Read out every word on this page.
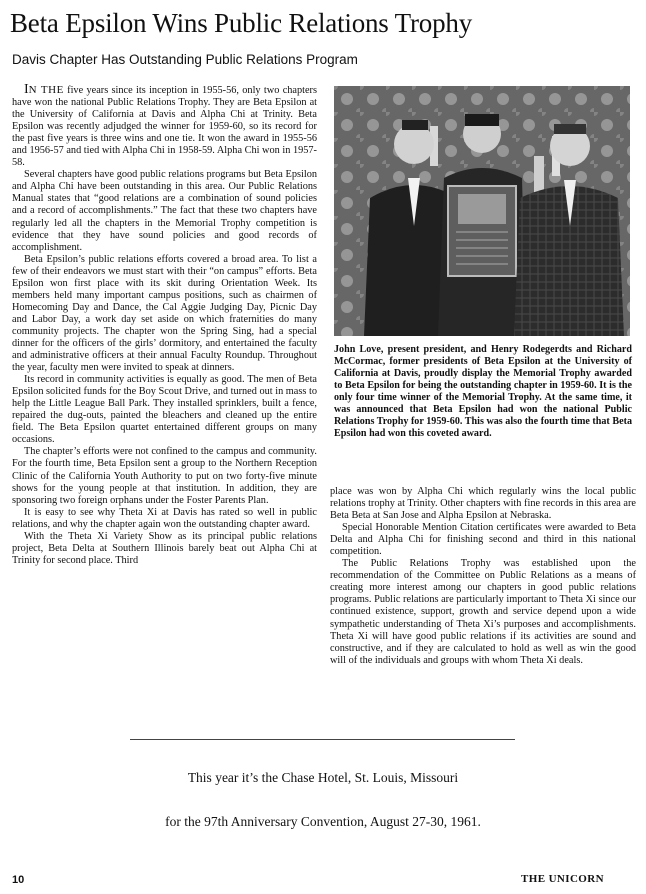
Beta Epsilon Wins Public Relations Trophy
Davis Chapter Has Outstanding Public Relations Program

IN THE five years since its inception in 1955-56, only two chapters have won the national Public Relations Trophy. They are Beta Epsilon at the University of California at Davis and Alpha Chi at Trinity. Beta Epsilon was recently adjudged the winner for 1959-60, so its record for the past five years is three wins and one tie. It won the award in 1955-56 and 1956-57 and tied with Alpha Chi in 1958-59. Alpha Chi won in 1957-58.

Several chapters have good public relations programs but Beta Epsilon and Alpha Chi have been outstanding in this area. Our Public Relations Manual states that “good relations are a combination of sound policies and a record of accomplishments.” The fact that these two chapters have regularly led all the chapters in the Memorial Trophy competition is evidence that they have sound policies and good records of accomplishment.

Beta Epsilon’s public relations efforts covered a broad area. To list a few of their endeavors we must start with their “on campus” efforts. Beta Epsilon won first place with its skit during Orientation Week. Its members held many important campus positions, such as chairmen of Homecoming Day and Dance, the Cal Aggie Judging Day, Picnic Day and Labor Day, a work day set aside on which fraternities do many community projects. The chapter won the Spring Sing, had a special dinner for the officers of the girls’ dormitory, and entertained the faculty and administrative officers at their annual Faculty Roundup. Throughout the year, faculty men were invited to speak at dinners.

Its record in community activities is equally as good. The men of Beta Epsilon solicited funds for the Boy Scout Drive, and turned out in mass to help the Little League Ball Park. They installed sprinklers, built a fence, repaired the dug-outs, painted the bleachers and cleaned up the entire field. The Beta Epsilon quartet entertained different groups on many occasions.

The chapter’s efforts were not confined to the campus and community. For the fourth time, Beta Epsilon sent a group to the Northern Reception Clinic of the California Youth Authority to put on two forty-five minute shows for the young people at that institution. In addition, they are sponsoring two foreign orphans under the Foster Parents Plan.

It is easy to see why Theta Xi at Davis has rated so well in public relations, and why the chapter again won the outstanding chapter award.

With the Theta Xi Variety Show as its principal public relations project, Beta Delta at Southern Illinois barely beat out Alpha Chi at Trinity for second place. Third

John Love, present president, and Henry Rodegerdts and Richard McCormac, former presidents of Beta Epsilon at the University of California at Davis, proudly display the Memorial Trophy awarded to Beta Epsilon for being the outstanding chapter in 1959-60. It is the only four time winner of the Memorial Trophy. At the same time, it was announced that Beta Epsilon had won the national Public Relations Trophy for 1959-60. This was also the fourth time that Beta Epsilon had won this coveted award.

place was won by Alpha Chi which regularly wins the local public relations trophy at Trinity. Other chapters with fine records in this area are Beta Beta at San Jose and Alpha Epsilon at Nebraska.

Special Honorable Mention Citation certificates were awarded to Beta Delta and Alpha Chi for finishing second and third in this national competition.

The Public Relations Trophy was established upon the recommendation of the Committee on Public Relations as a means of creating more interest among our chapters in good public relations programs. Public relations are particularly important to Theta Xi since our continued existence, support, growth and service depend upon a wide sympathetic understanding of Theta Xi’s purposes and accomplishments. Theta Xi will have good public relations if its activities are sound and constructive, and if they are calculated to hold as well as win the good will of the individuals and groups with whom Theta Xi deals.

This year it’s the Chase Hotel, St. Louis, Missouri
for the 97th Anniversary Convention, August 27-30, 1961.
10	THE UNICORN
